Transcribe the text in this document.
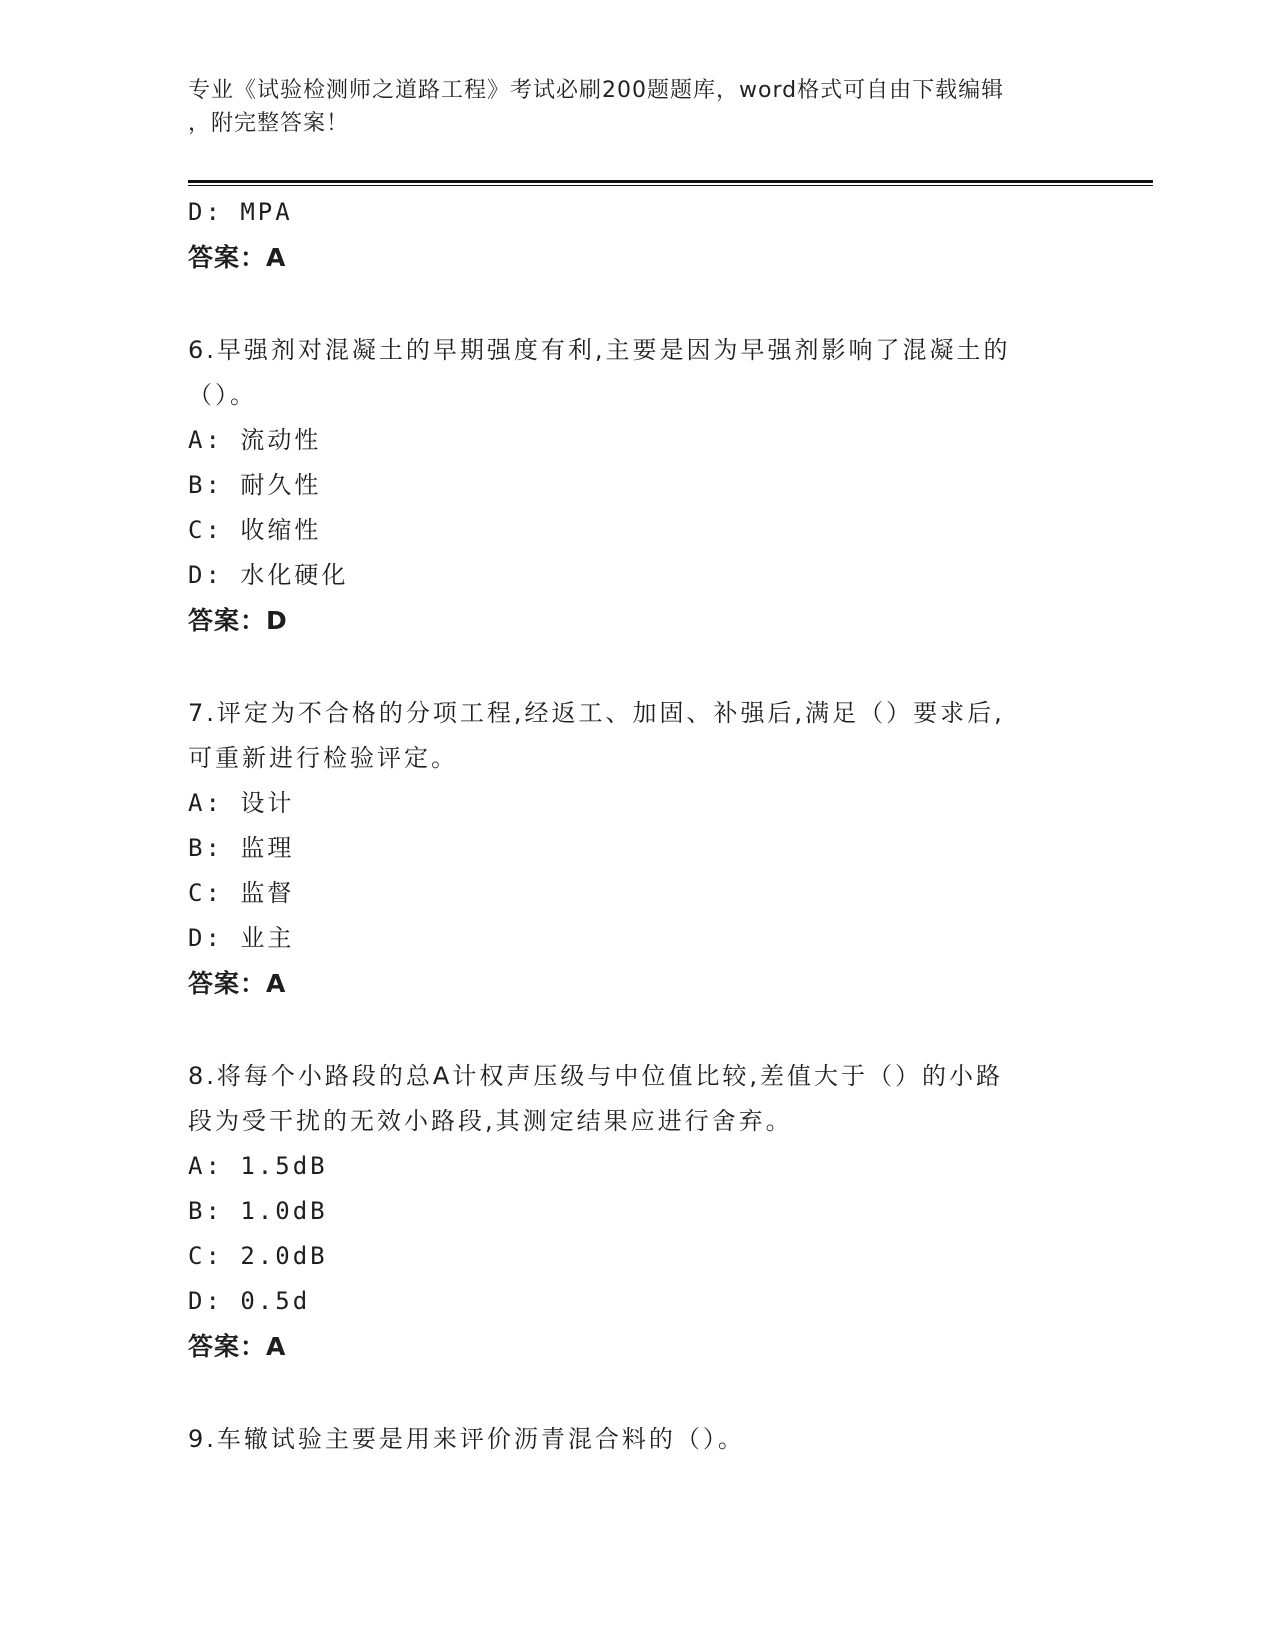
专业《试验检测师之道路工程》考试必刷200题题库，word格式可自由下载编辑
，附完整答案！
D: MPA
答案：A
6.早强剂对混凝土的早期强度有利,主要是因为早强剂影响了混凝土的
（）。
A: 流动性
B: 耐久性
C: 收缩性
D: 水化硬化
答案：D
7.评定为不合格的分项工程,经返工、加固、补强后,满足（）要求后,
可重新进行检验评定。
A: 设计
B: 监理
C: 监督
D: 业主
答案：A
8.将每个小路段的总A计权声压级与中位值比较,差值大于（）的小路
段为受干扰的无效小路段,其测定结果应进行舍弃。
A: 1.5dB
B: 1.0dB
C: 2.0dB
D: 0.5d
答案：A
9.车辙试验主要是用来评价沥青混合料的（）。
